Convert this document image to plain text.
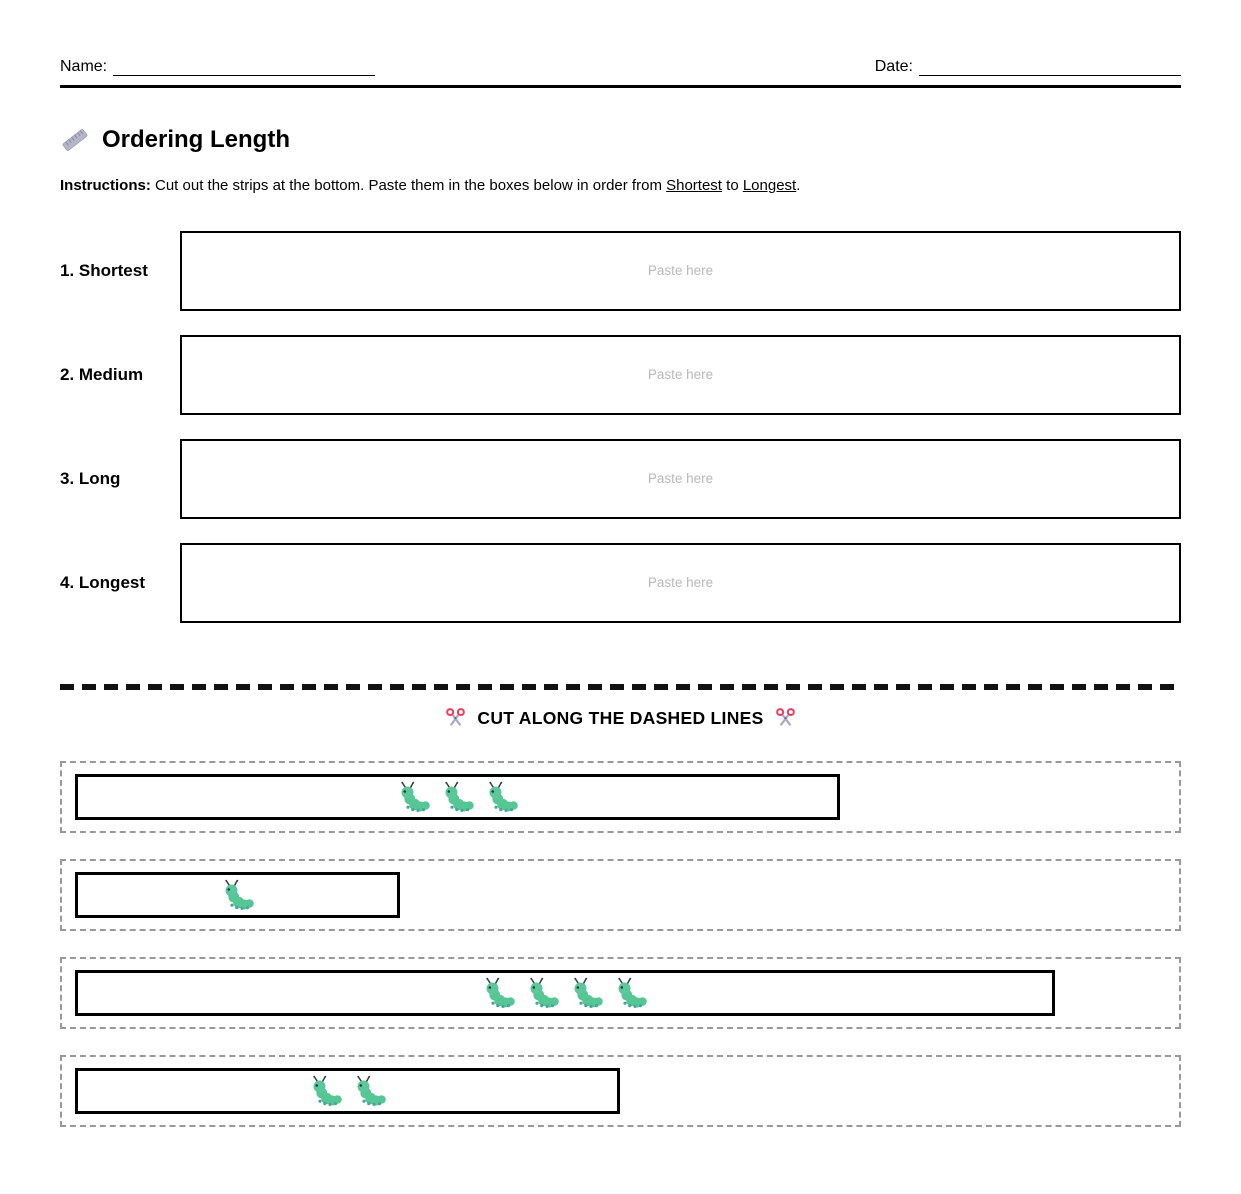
Name:	Date:
Ordering Length

Instructions: Cut out the strips at the bottom. Paste them in the boxes below in order from Shortest to Longest.

1. Shortest	Paste here
2. Medium	Paste here
3. Long	Paste here
4. Longest	Paste here
CUT ALONG THE DASHED LINES
